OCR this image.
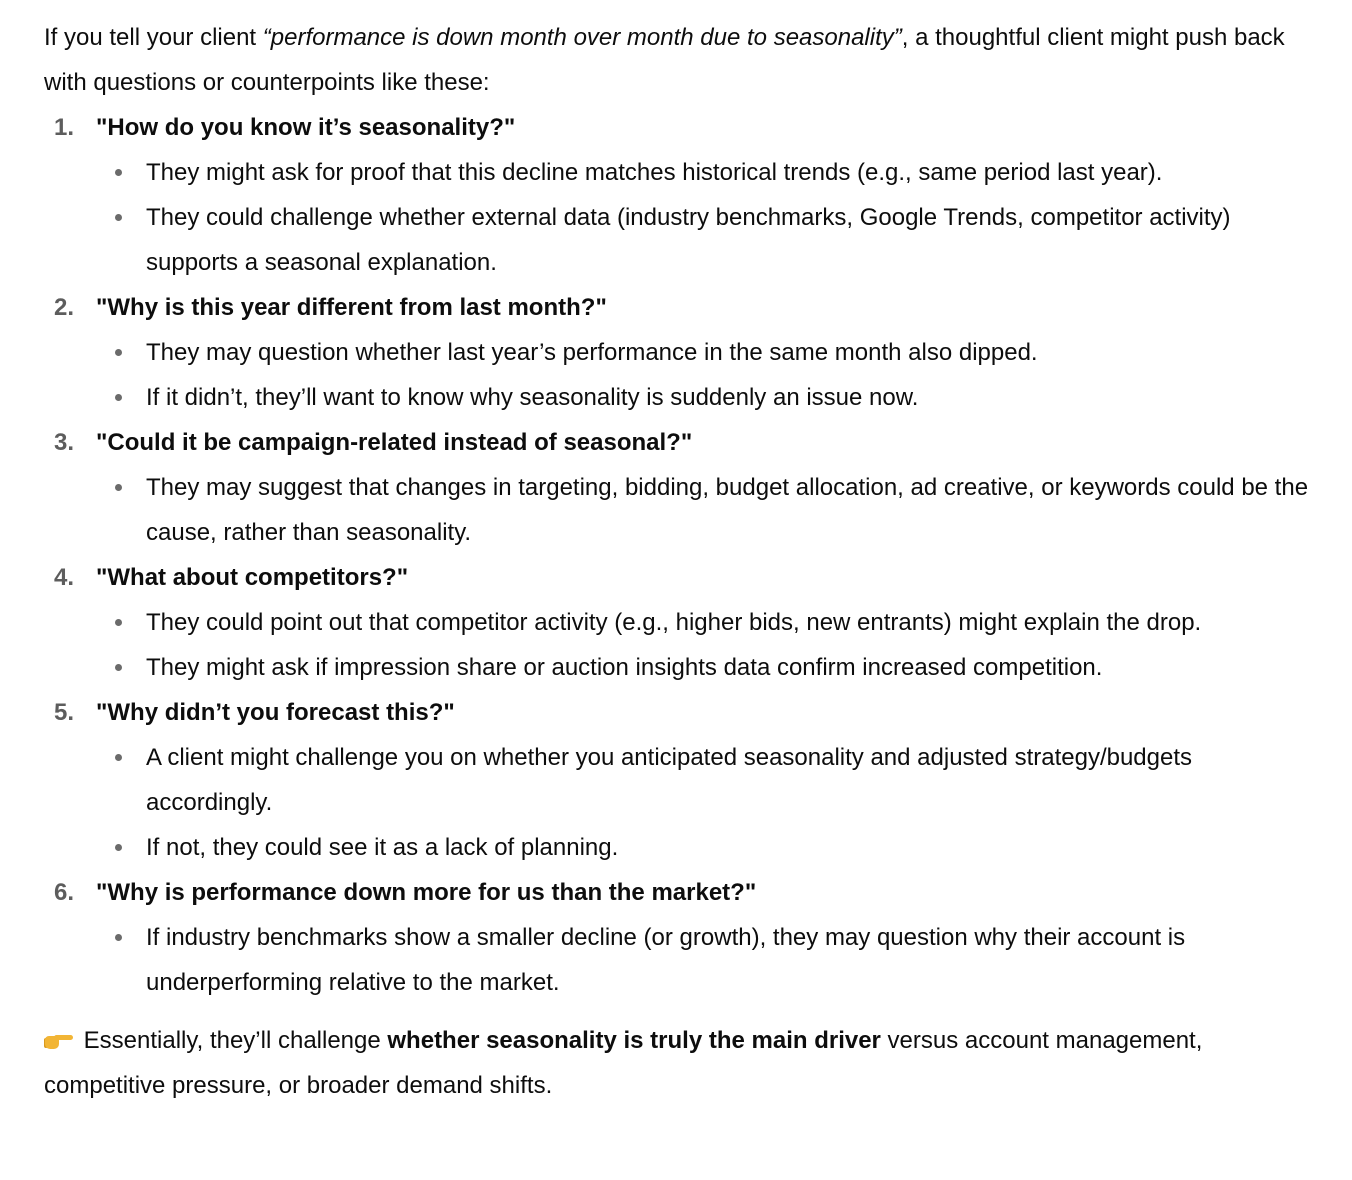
If you tell your client “performance is down month over month due to seasonality”, a thoughtful client might push back with questions or counterpoints like these:

1. "How do you know it’s seasonality?"
They might ask for proof that this decline matches historical trends (e.g., same period last year).
They could challenge whether external data (industry benchmarks, Google Trends, competitor activity) supports a seasonal explanation.
2. "Why is this year different from last month?"
They may question whether last year’s performance in the same month also dipped.
If it didn’t, they’ll want to know why seasonality is suddenly an issue now.
3. "Could it be campaign-related instead of seasonal?"
They may suggest that changes in targeting, bidding, budget allocation, ad creative, or keywords could be the cause, rather than seasonality.
4. "What about competitors?"
They could point out that competitor activity (e.g., higher bids, new entrants) might explain the drop.
They might ask if impression share or auction insights data confirm increased competition.
5. "Why didn’t you forecast this?"
A client might challenge you on whether you anticipated seasonality and adjusted strategy/budgets accordingly.
If not, they could see it as a lack of planning.
6. "Why is performance down more for us than the market?"
If industry benchmarks show a smaller decline (or growth), they may question why their account is underperforming relative to the market.

Essentially, they’ll challenge whether seasonality is truly the main driver versus account management, competitive pressure, or broader demand shifts.
